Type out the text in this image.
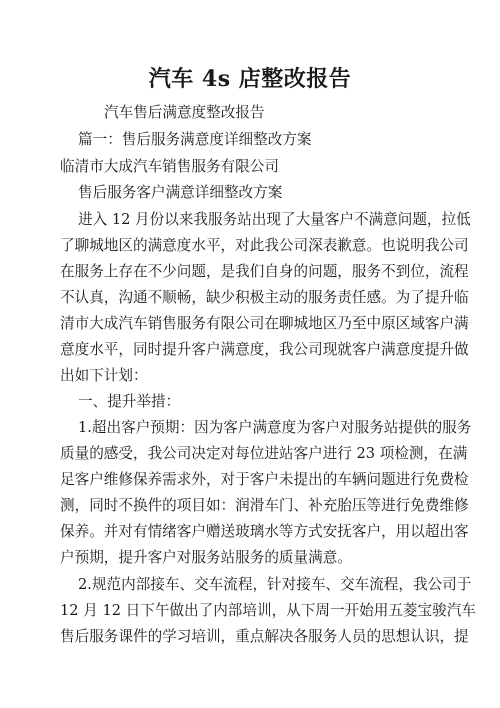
汽车 4s 店整改报告
汽车售后满意度整改报告
篇一：售后服务满意度详细整改方案
临清市大成汽车销售服务有限公司
售后服务客户满意详细整改方案
进入 12 月份以来我服务站出现了大量客户不满意问题，拉低
了聊城地区的满意度水平，对此我公司深表歉意。也说明我公司
在服务上存在不少问题，是我们自身的问题，服务不到位，流程
不认真，沟通不顺畅，缺少积极主动的服务责任感。为了提升临
清市大成汽车销售服务有限公司在聊城地区乃至中原区域客户满
意度水平，同时提升客户满意度，我公司现就客户满意度提升做
出如下计划：
一、提升举措：
1.超出客户预期：因为客户满意度为客户对服务站提供的服务
质量的感受，我公司决定对每位进站客户进行 23 项检测，在满
足客户维修保养需求外，对于客户未提出的车辆问题进行免费检
测，同时不换件的项目如：润滑车门、补充胎压等进行免费维修
保养。并对有情绪客户赠送玻璃水等方式安抚客户，用以超出客
户预期，提升客户对服务站服务的质量满意。
2.规范内部接车、交车流程，针对接车、交车流程，我公司于
12 月 12 日下午做出了内部培训，从下周一开始用五菱宝骏汽车
售后服务课件的学习培训，重点解决各服务人员的思想认识，提
